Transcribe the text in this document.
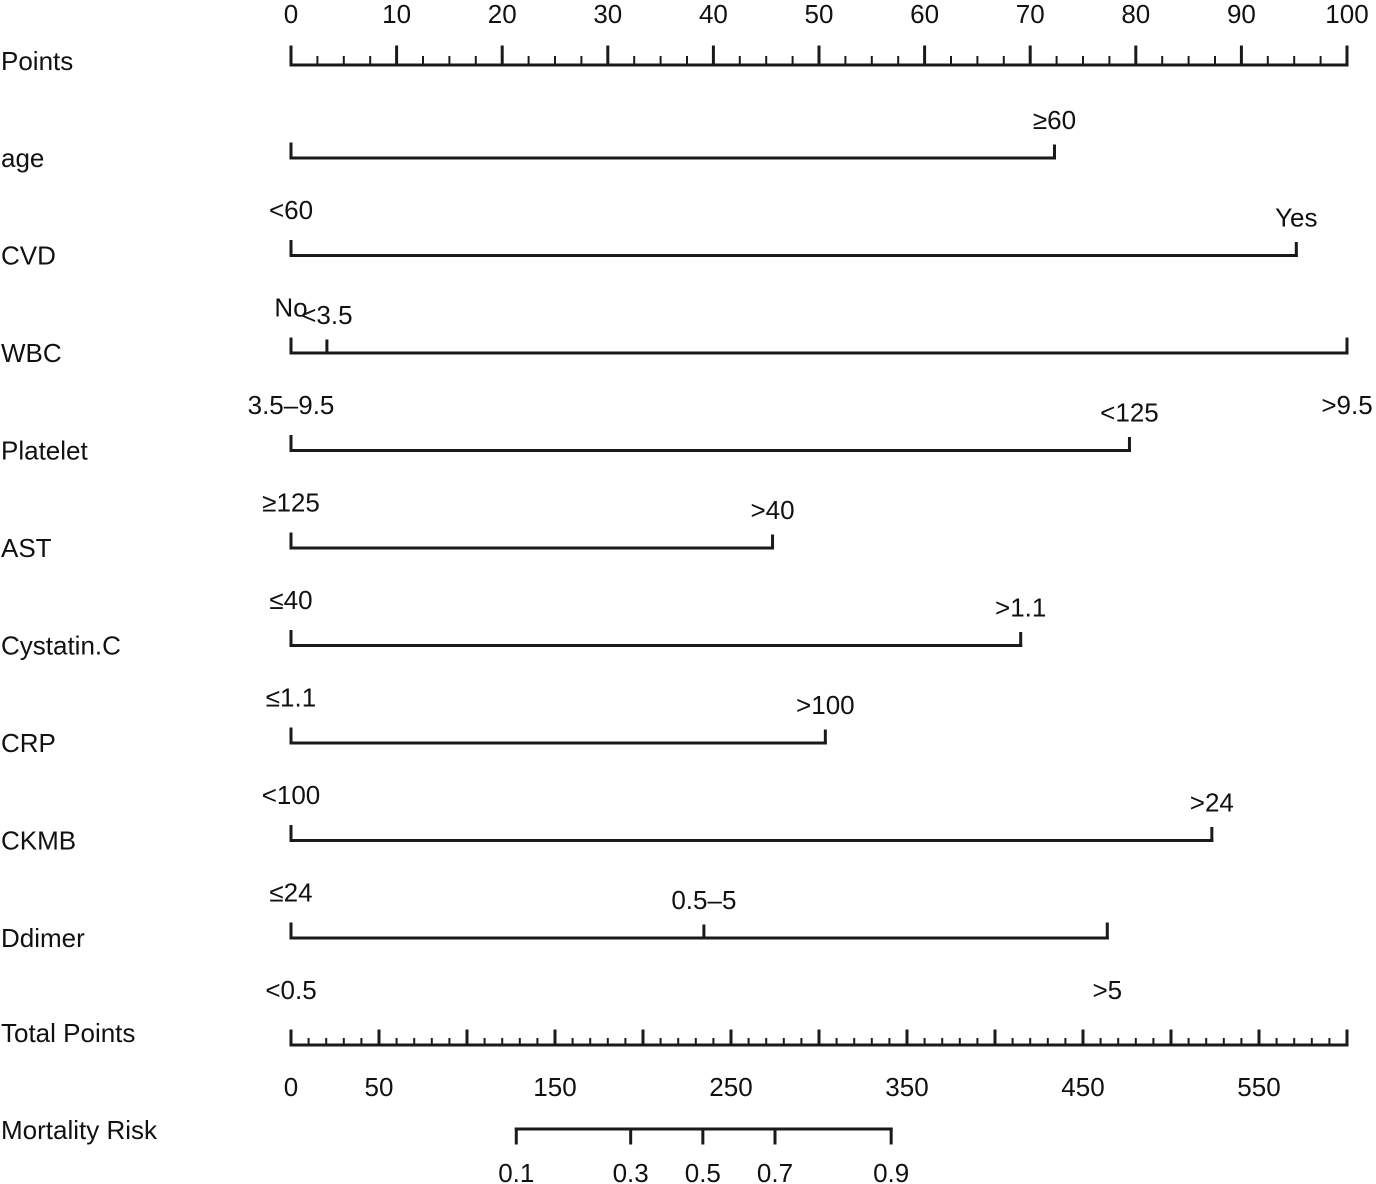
Points
0	10	20	30	40	50	60	70	80	90	100
age
<60
≥60
CVD
No
Yes
WBC
3.5–9.5
<3.5
>9.5
Platelet
≥125
<125
AST
≤40
>40
Cystatin.C
≤1.1
>1.1
CRP
<100
>100
CKMB
≤24
>24
Ddimer
<0.5
0.5–5
>5
Total Points
0	50	150	250	350	450	550
Mortality Risk
0.1	0.3 0.5 0.7	0.9
